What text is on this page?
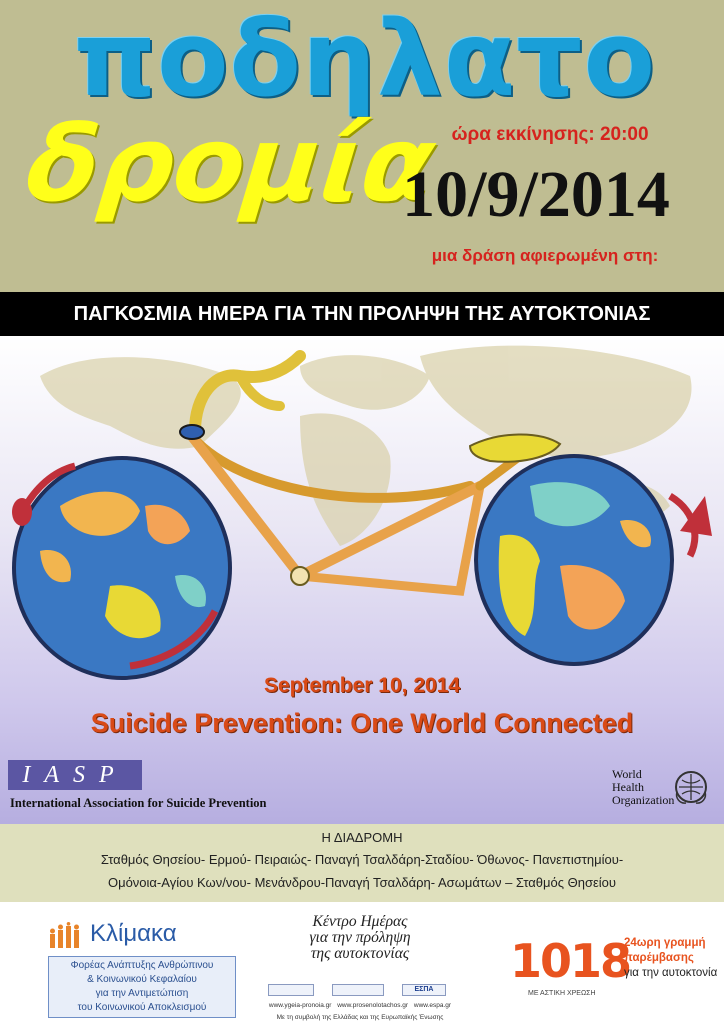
ποδηλατο
δρομία ώρα εκκίνησης: 20:00
10/9/2014
μια δράση αφιερωμένη στη:
ΠΑΓΚΟΣΜΙΑ ΗΜΕΡΑ ΓΙΑ ΤΗΝ ΠΡΟΛΗΨΗ ΤΗΣ ΑΥΤΟΚΤΟΝΙΑΣ
September 10, 2014
Suicide Prevention: One World Connected
IASP
International Association for Suicide Prevention
World
Health
Organization
Η ΔΙΑΔΡΟΜΗ
Σταθμός Θησείου- Ερμού- Πειραιώς- Παναγή Τσαλδάρη-Σταδίου- Όθωνος- Πανεπιστημίου-
Ομόνοια-Αγίου Κων/νου- Μενάνδρου-Παναγή Τσαλδάρη- Ασωμάτων – Σταθμός Θησείου
Κλίμακα
Φορέας Ανάπτυξης Ανθρώπινου
& Κοινωνικού Κεφαλαίου
για την Αντιμετώπιση
του Κοινωνικού Αποκλεισμού
Κέντρο Ημέρας
για την πρόληψη
της αυτοκτονίας
ΕΣΠΑ
www.ygeia-pronoia.gr www.prosenolotachos.gr www.espa.gr
Με τη συμβολή της Ελλάδας και της Ευρωπαϊκής Ένωσης
1018
24ωρη γραμμή
παρέμβασης
για την αυτοκτονία
ΜΕ ΑΣΤΙΚΗ ΧΡΕΩΣΗ
